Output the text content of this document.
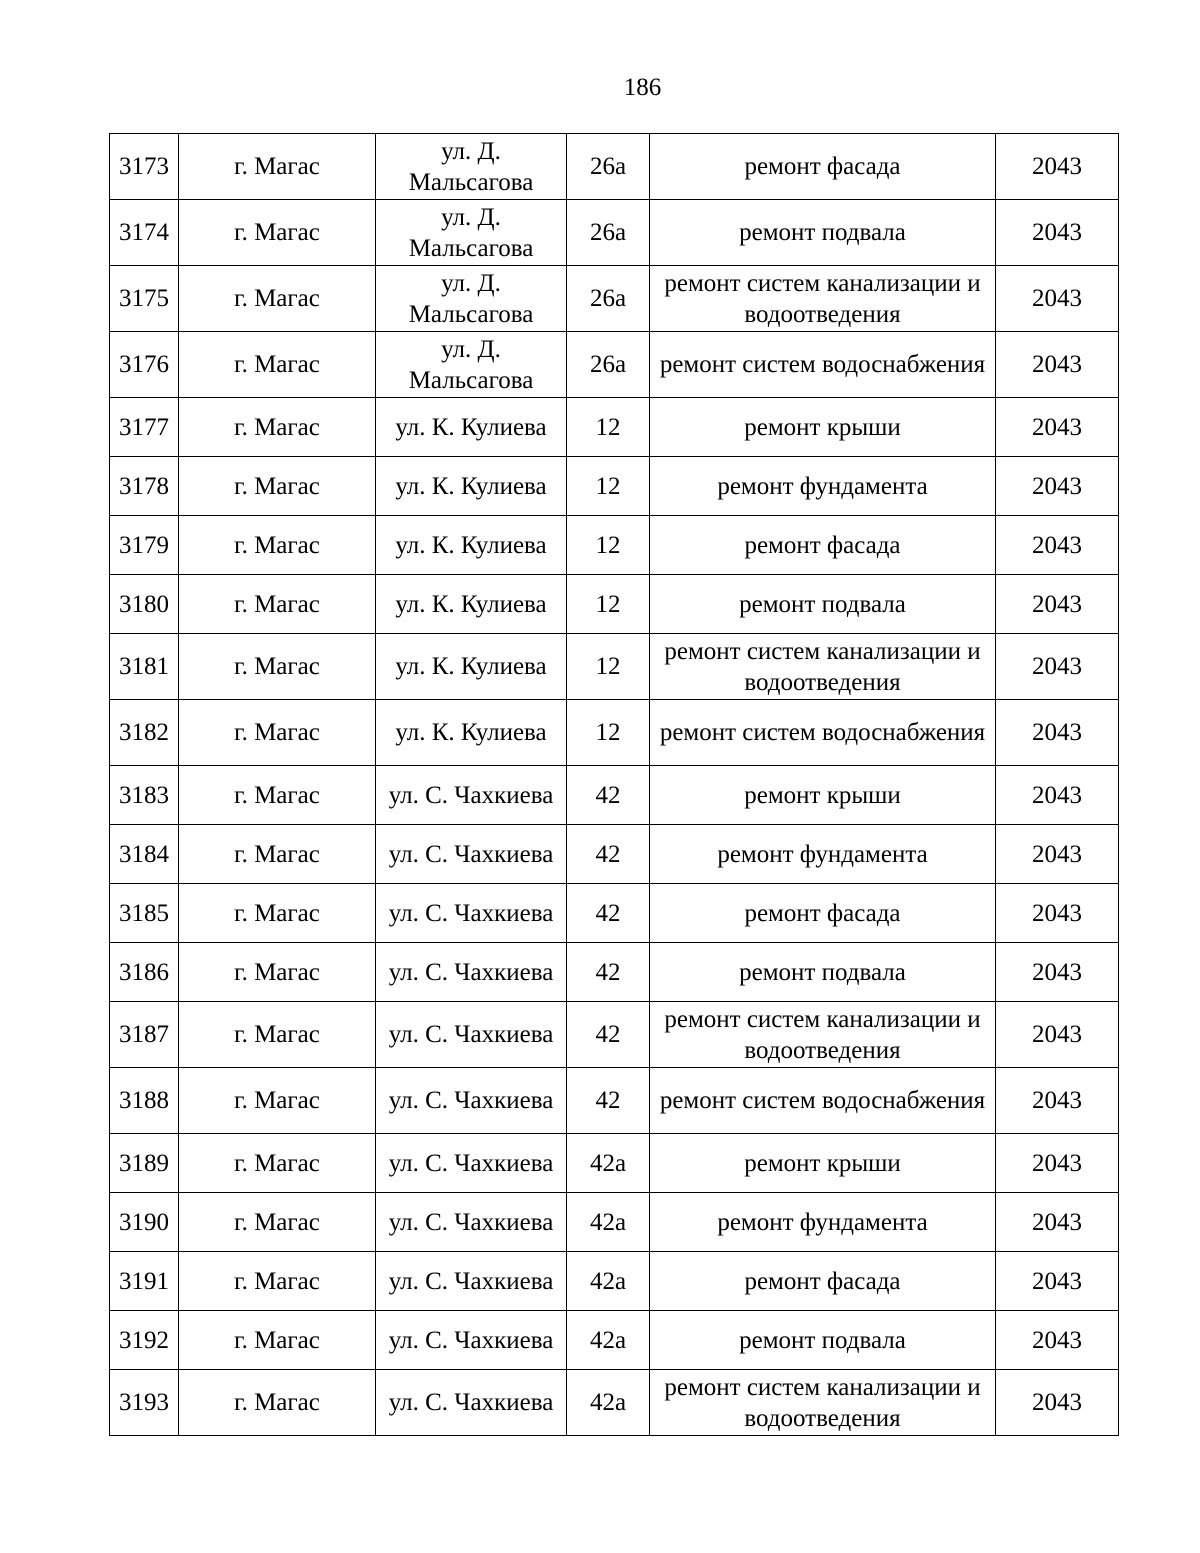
186
3173	г. Магас	ул. Д. Мальсагова	26а	ремонт фасада	2043
3174	г. Магас	ул. Д. Мальсагова	26а	ремонт подвала	2043
3175	г. Магас	ул. Д. Мальсагова	26а	ремонт систем канализации и водоотведения	2043
3176	г. Магас	ул. Д. Мальсагова	26а	ремонт систем водоснабжения	2043
3177	г. Магас	ул. К. Кулиева	12	ремонт крыши	2043
3178	г. Магас	ул. К. Кулиева	12	ремонт фундамента	2043
3179	г. Магас	ул. К. Кулиева	12	ремонт фасада	2043
3180	г. Магас	ул. К. Кулиева	12	ремонт подвала	2043
3181	г. Магас	ул. К. Кулиева	12	ремонт систем канализации и водоотведения	2043
3182	г. Магас	ул. К. Кулиева	12	ремонт систем водоснабжения	2043
3183	г. Магас	ул. С. Чахкиева	42	ремонт крыши	2043
3184	г. Магас	ул. С. Чахкиева	42	ремонт фундамента	2043
3185	г. Магас	ул. С. Чахкиева	42	ремонт фасада	2043
3186	г. Магас	ул. С. Чахкиева	42	ремонт подвала	2043
3187	г. Магас	ул. С. Чахкиева	42	ремонт систем канализации и водоотведения	2043
3188	г. Магас	ул. С. Чахкиева	42	ремонт систем водоснабжения	2043
3189	г. Магас	ул. С. Чахкиева	42а	ремонт крыши	2043
3190	г. Магас	ул. С. Чахкиева	42а	ремонт фундамента	2043
3191	г. Магас	ул. С. Чахкиева	42а	ремонт фасада	2043
3192	г. Магас	ул. С. Чахкиева	42а	ремонт подвала	2043
3193	г. Магас	ул. С. Чахкиева	42а	ремонт систем канализации и водоотведения	2043
